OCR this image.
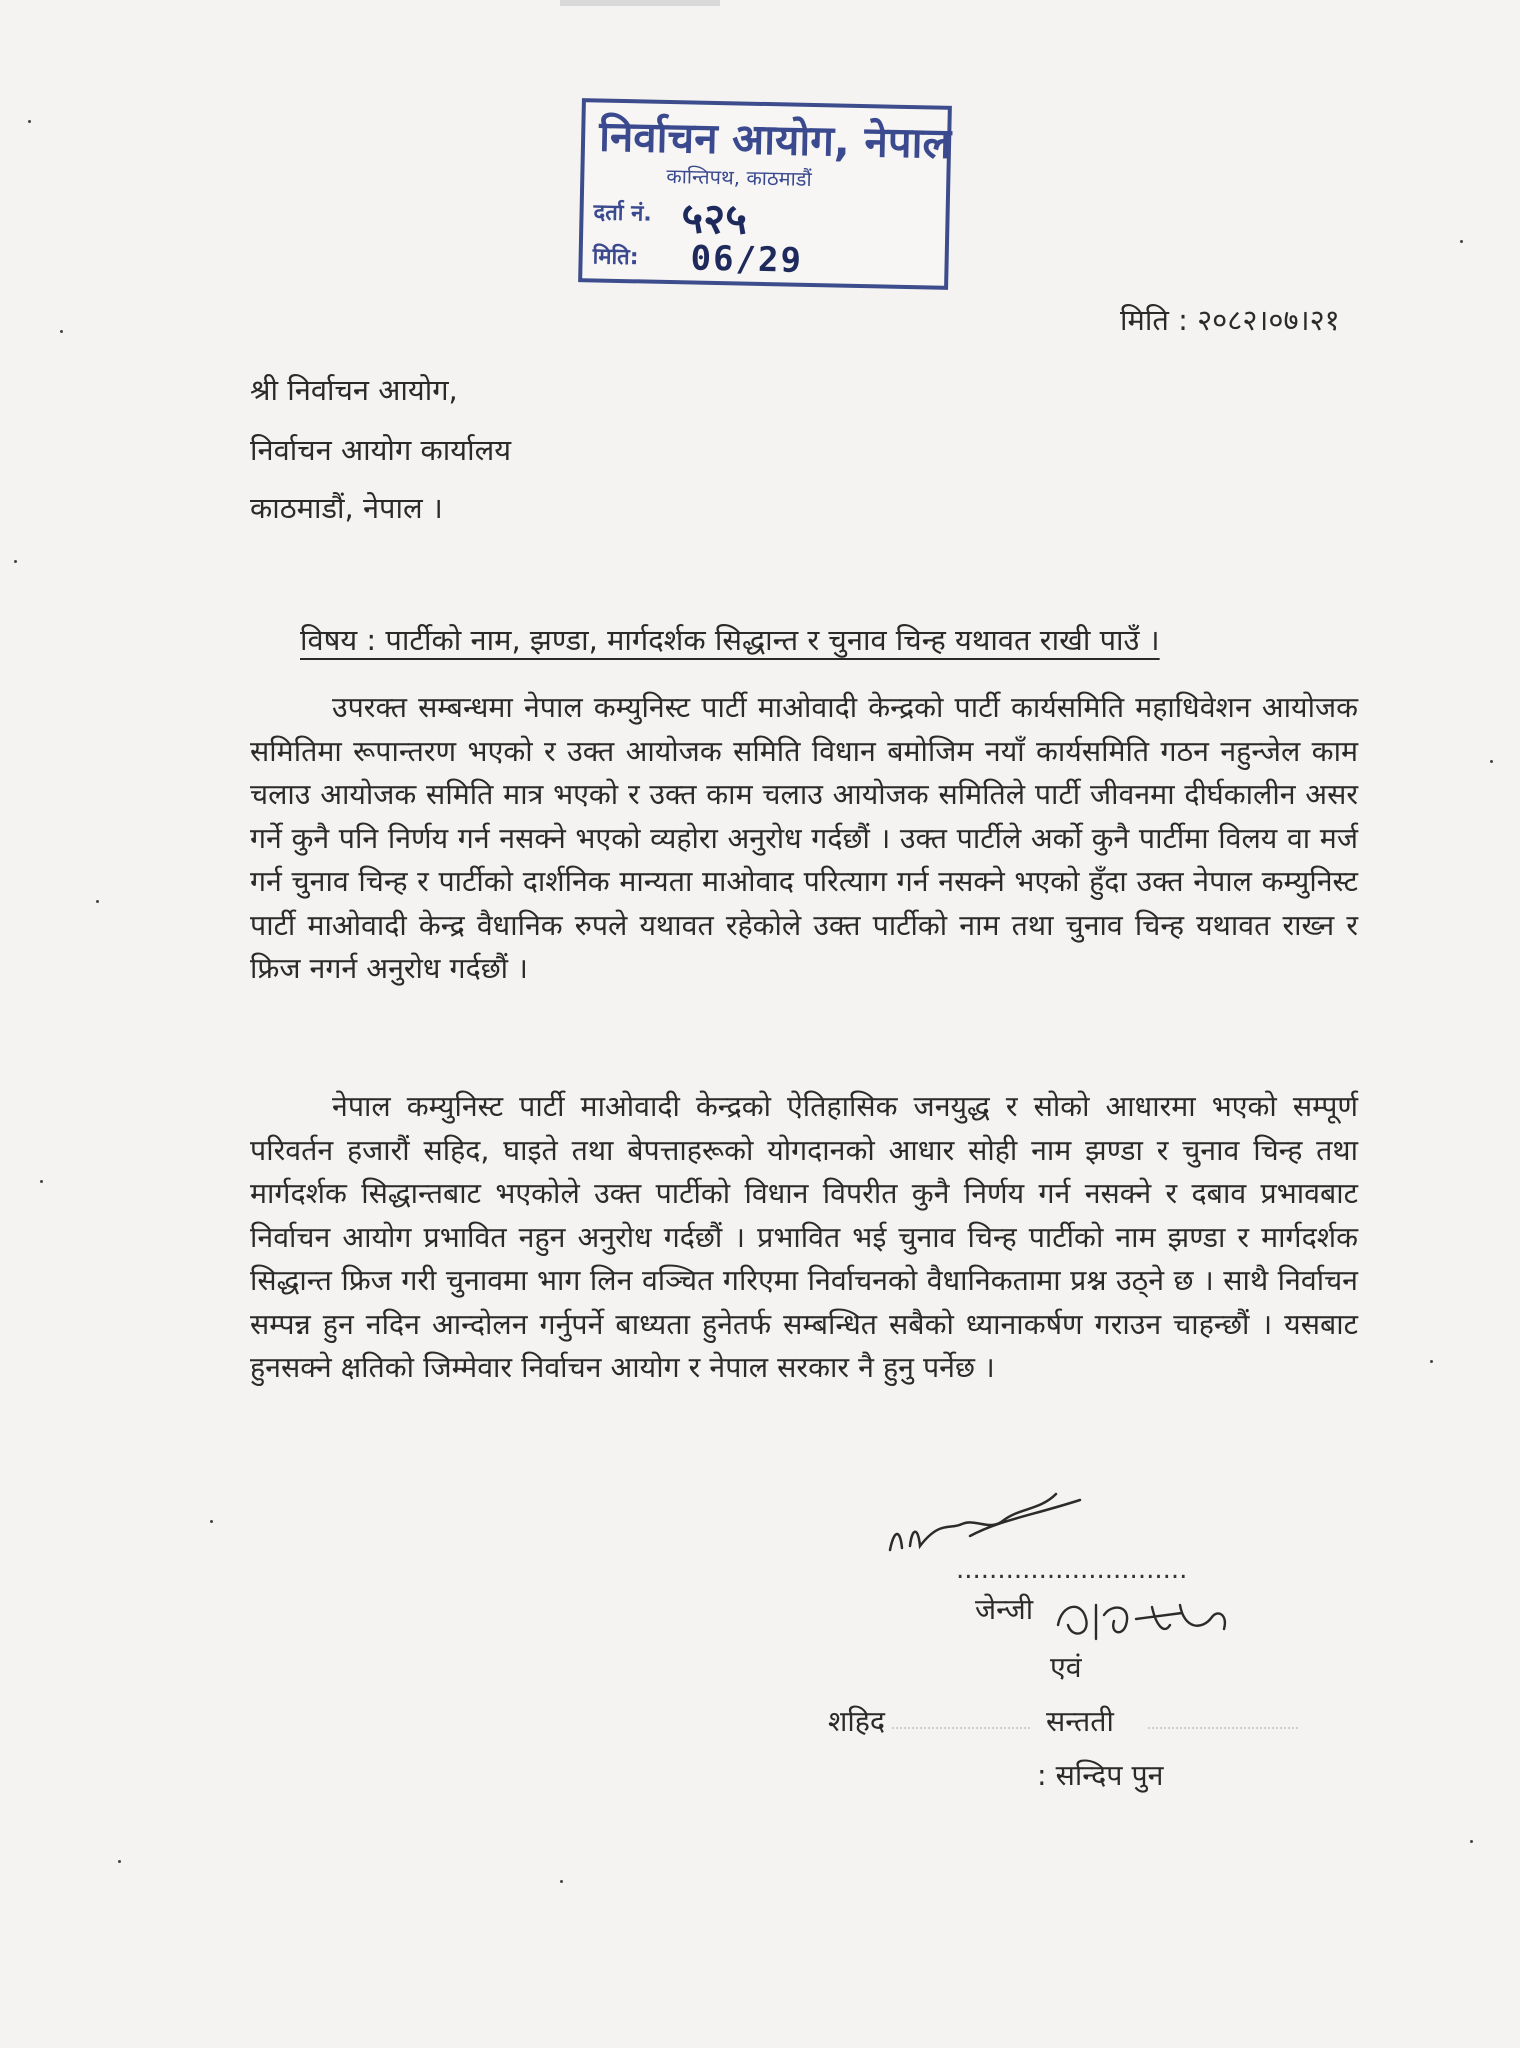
निर्वाचन आयोग, नेपाल
कान्तिपथ, काठमाडौं
दर्ता नं. ५२५
मिति: 06/29
मिति : २०८२।०७।२१
श्री निर्वाचन आयोग,
निर्वाचन आयोग कार्यालय
काठमाडौं, नेपाल ।
विषय : पार्टीको नाम, झण्डा, मार्गदर्शक सिद्धान्त र चुनाव चिन्ह यथावत राखी पाउँ ।

उपरक्त सम्बन्धमा नेपाल कम्युनिस्ट पार्टी माओवादी केन्द्रको पार्टी कार्यसमिति महाधिवेशन आयोजक समितिमा रूपान्तरण भएको र उक्त आयोजक समिति विधान बमोजिम नयाँ कार्यसमिति गठन नहुन्जेल काम चलाउ आयोजक समिति मात्र भएको र उक्त काम चलाउ आयोजक समितिले पार्टी जीवनमा दीर्घकालीन असर गर्ने कुनै पनि निर्णय गर्न नसक्ने भएको व्यहोरा अनुरोध गर्दछौं । उक्त पार्टीले अर्को कुनै पार्टीमा विलय वा मर्ज गर्न चुनाव चिन्ह र पार्टीको दार्शनिक मान्यता माओवाद परित्याग गर्न नसक्ने भएको हुँदा उक्त नेपाल कम्युनिस्ट पार्टी माओवादी केन्द्र वैधानिक रुपले यथावत रहेकोले उक्त पार्टीको नाम तथा चुनाव चिन्ह यथावत राख्न र फ्रिज नगर्न अनुरोध गर्दछौं ।

नेपाल कम्युनिस्ट पार्टी माओवादी केन्द्रको ऐतिहासिक जनयुद्ध र सोको आधारमा भएको सम्पूर्ण परिवर्तन हजारौं सहिद, घाइते तथा बेपत्ताहरूको योगदानको आधार सोही नाम झण्डा र चुनाव चिन्ह तथा मार्गदर्शक सिद्धान्तबाट भएकोले उक्त पार्टीको विधान विपरीत कुनै निर्णय गर्न नसक्ने र दबाव प्रभावबाट निर्वाचन आयोग प्रभावित नहुन अनुरोध गर्दछौं । प्रभावित भई चुनाव चिन्ह पार्टीको नाम झण्डा र मार्गदर्शक सिद्धान्त फ्रिज गरी चुनावमा भाग लिन वञ्चित गरिएमा निर्वाचनको वैधानिकतामा प्रश्न उठ्ने छ । साथै निर्वाचन सम्पन्न हुन नदिन आन्दोलन गर्नुपर्ने बाध्यता हुनेतर्फ सम्बन्धित सबैको ध्यानाकर्षण गराउन चाहन्छौं । यसबाट हुनसक्ने क्षतिको जिम्मेवार निर्वाचन आयोग र नेपाल सरकार नै हुनु पर्नेछ ।

............................
जेन्जी
एवं
शहिद	सन्तती
: सन्दिप पुन
